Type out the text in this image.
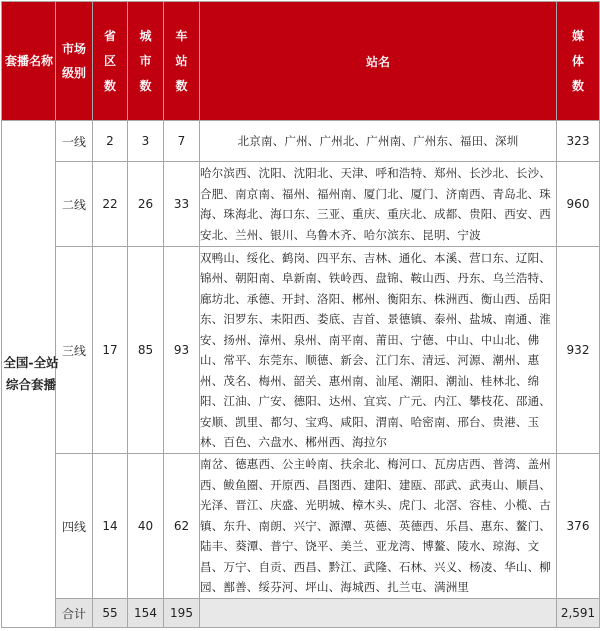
套播名称	市场级别	省区数	城市数	车站数	站名	媒体数
全国-全站综合套播	一线	2	3	7	北京南、广州、广州北、广州南、广州东、福田、深圳	323
	二线	22	26	33	哈尔滨西、沈阳、沈阳北、天津、呼和浩特、郑州、长沙北、长沙、合肥、南京南、福州、福州南、厦门北、厦门、济南西、青岛北、珠海、珠海北、海口东、三亚、重庆、重庆北、成都、贵阳、西安、西安北、兰州、银川、乌鲁木齐、哈尔滨东、昆明、宁波	960
	三线	17	85	93	双鸭山、绥化、鹤岗、四平东、吉林、通化、本溪、营口东、辽阳、锦州、朝阳南、阜新南、铁岭西、盘锦、鞍山西、丹东、乌兰浩特、廊坊北、承德、开封、洛阳、郴州、衡阳东、株洲西、衡山西、岳阳东、汨罗东、耒阳西、娄底、吉首、景德镇、泰州、盐城、南通、淮安、扬州、漳州、泉州、南平南、莆田、宁德、中山、中山北、佛山、常平、东莞东、顺德、新会、江门东、清远、河源、潮州、惠州、茂名、梅州、韶关、惠州南、汕尾、潮阳、潮汕、桂林北、绵阳、江油、广安、德阳、达州、宜宾、广元、内江、攀枝花、邵通、安顺、凯里、都匀、宝鸡、咸阳、渭南、哈密南、邢台、贵港、玉林、百色、六盘水、郴州西、海拉尔	932
	四线	14	40	62	南岔、德惠西、公主岭南、扶余北、梅河口、瓦房店西、普湾、盖州西、鲅鱼圈、开原西、昌图西、建阳、建瓯、邵武、武夷山、顺昌、光泽、晋江、庆盛、光明城、樟木头、虎门、北滘、容桂、小榄、古镇、东升、南朗、兴宁、源潭、英德、英德西、乐昌、惠东、鳌门、陆丰、葵潭、普宁、饶平、美兰、亚龙湾、博鳌、陵水、琼海、文昌、万宁、自贡、西昌、黔江、武隆、石林、兴义、杨凌、华山、柳园、鄯善、绥芬河、坪山、海城西、扎兰屯、满洲里	376
	合计	55	154	195		2,591
